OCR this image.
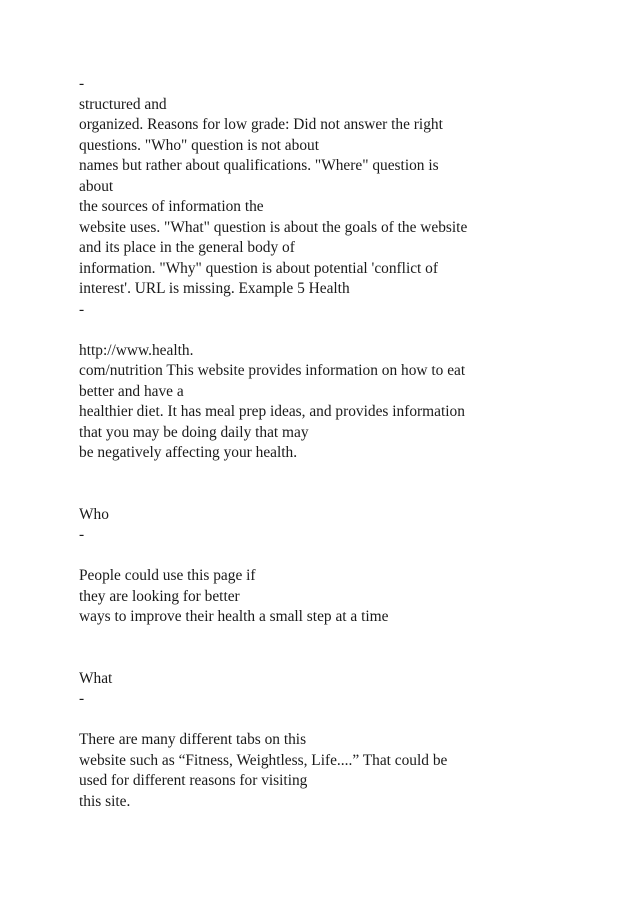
-
structured and
organized. Reasons for low grade: Did not answer the right
questions. "Who" question is not about
names but rather about qualifications. "Where" question is
about
the sources of information the
website uses. "What" question is about the goals of the website
and its place in the general body of
information. "Why" question is about potential 'conflict of
interest'. URL is missing. Example 5 Health
-
http://www.health.
com/nutrition This website provides information on how to eat
better and have a
healthier diet. It has meal prep ideas, and provides information
that you may be doing daily that may
be negatively affecting your health.
Who
-
People could use this page if
they are looking for better
ways to improve their health a small step at a time
What
-
There are many different tabs on this
website such as “Fitness, Weightless, Life....” That could be
used for different reasons for visiting
this site.
